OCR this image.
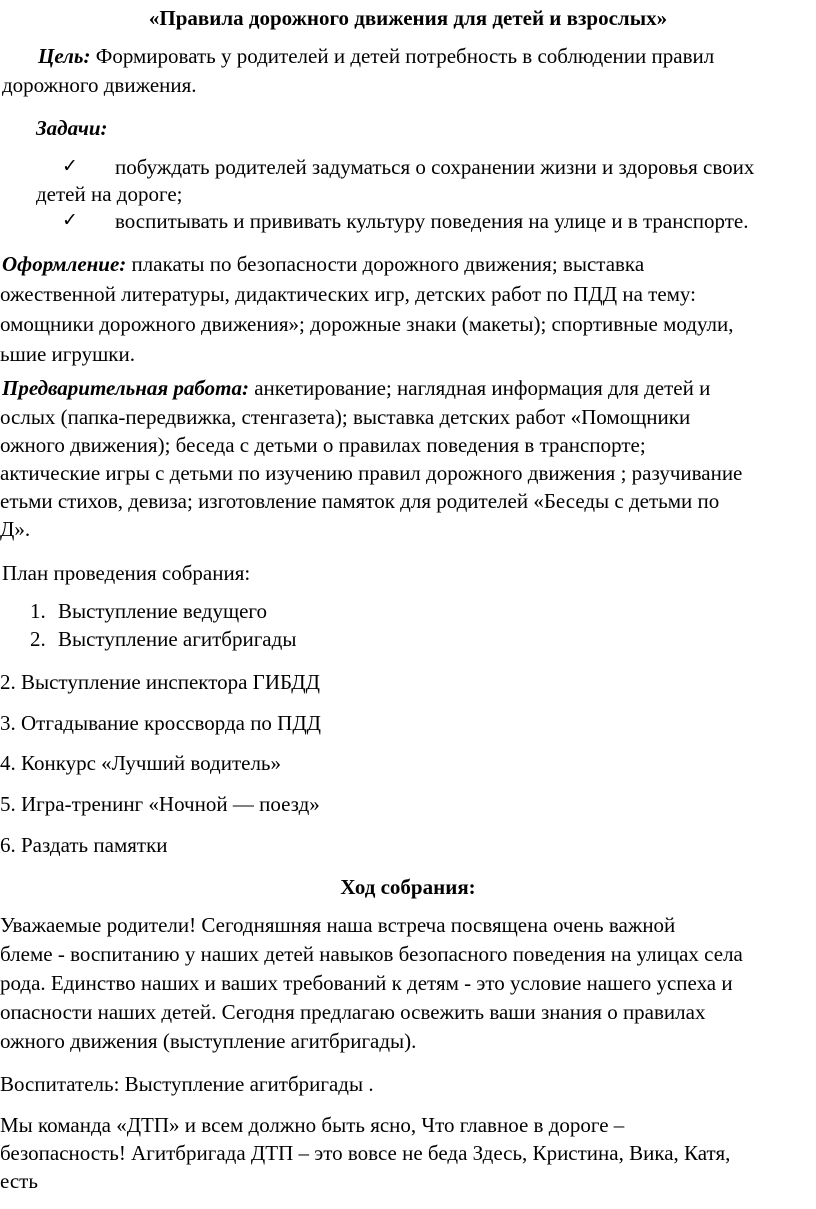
«Правила дорожного движения для детей и взрослых»
Цель: Формировать у родителей и детей потребность в соблюдении правил
дорожного движения.
Задачи:
✓ побуждать родителей задуматься о сохранении жизни и здоровья своих
детей на дороге;
✓ воспитывать и прививать культуру поведения на улице и в транспорте.
Оформление: плакаты по безопасности дорожного движения; выставка
ожественной литературы, дидактических игр, детских работ по ПДД на тему:
омощники дорожного движения»; дорожные знаки (макеты); спортивные модули,
ьшие игрушки.
Предварительная работа: анкетирование; наглядная информация для детей и
ослых (папка-передвижка, стенгазета); выставка детских работ «Помощники
ожного движения); беседа с детьми о правилах поведения в транспорте;
актические игры с детьми по изучению правил дорожного движения ; разучивание
етьми стихов, девиза; изготовление памяток для родителей «Беседы с детьми по
Д».
План проведения собрания:
1. Выступление ведущего
2. Выступление агитбригады
2. Выступление инспектора ГИБДД
3. Отгадывание кроссворда по ПДД
4. Конкурс «Лучший водитель»
5. Игра-тренинг «Ночной — поезд»
6. Раздать памятки
Ход собрания:
Уважаемые родители! Сегодняшняя наша встреча посвящена очень важной
блеме - воспитанию у наших детей навыков безопасного поведения на улицах села
рода. Единство наших и ваших требований к детям - это условие нашего успеха и
опасности наших детей. Сегодня предлагаю освежить ваши знания о правилах
ожного движения (выступление агитбригады).
Воспитатель: Выступление агитбригады .
Мы команда «ДТП» и всем должно быть ясно, Что главное в дороге –
безопасность! Агитбригада ДТП – это вовсе не беда Здесь, Кристина, Вика, Катя,
есть
